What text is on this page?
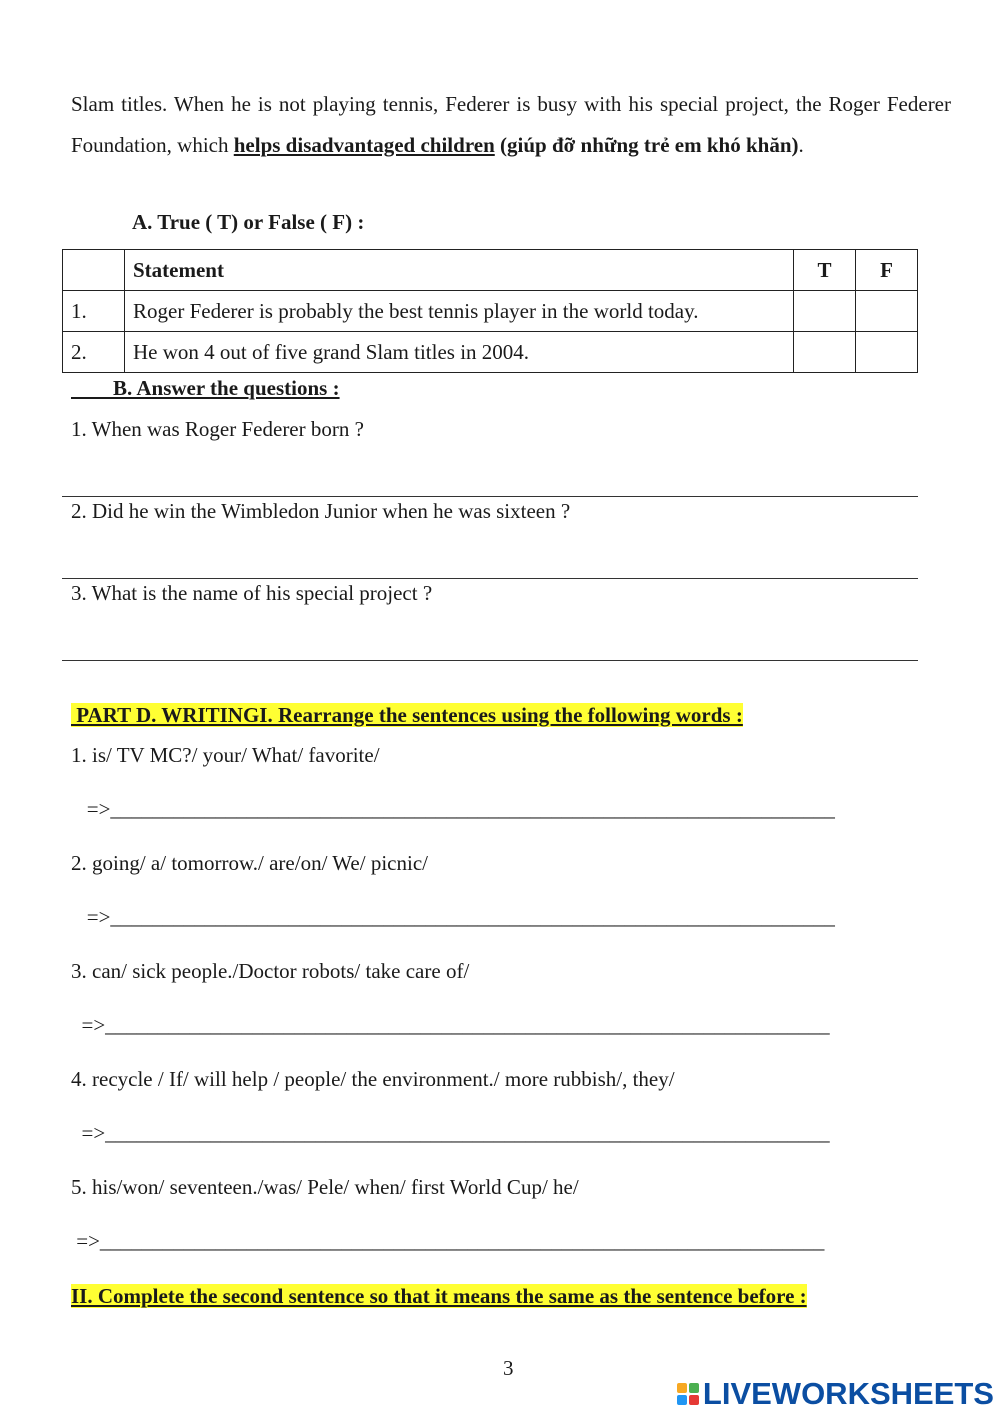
Slam titles. When he is not playing tennis, Federer is busy with his special project, the Roger Federer Foundation, which helps disadvantaged children (giúp đỡ những trẻ em khó khăn).

A. True ( T) or False ( F) :
	Statement	T	F
1.	Roger Federer is probably the best tennis player in the world today.		
2.	He won 4 out of five grand Slam titles in 2004.		
B. Answer the questions :
1. When was Roger Federer born ?
2. Did he win the Wimbledon Junior when he was sixteen ?
3. What is the name of his special project ?
PART D. WRITINGI. Rearrange the sentences using the following words :
1. is/ TV MC?/ your/ What/ favorite/
=>_____________________________________________________________________
2. going/ a/ tomorrow./ are/on/ We/ picnic/
=>_____________________________________________________________________
3. can/ sick people./Doctor robots/ take care of/
=>_____________________________________________________________________
4. recycle / If/ will help / people/ the environment./ more rubbish/, they/
=>_____________________________________________________________________
5. his/won/ seventeen./was/ Pele/ when/ first World Cup/ he/
=>_____________________________________________________________________
II. Complete the second sentence so that it means the same as the sentence before :
3
LIVEWORKSHEETS
